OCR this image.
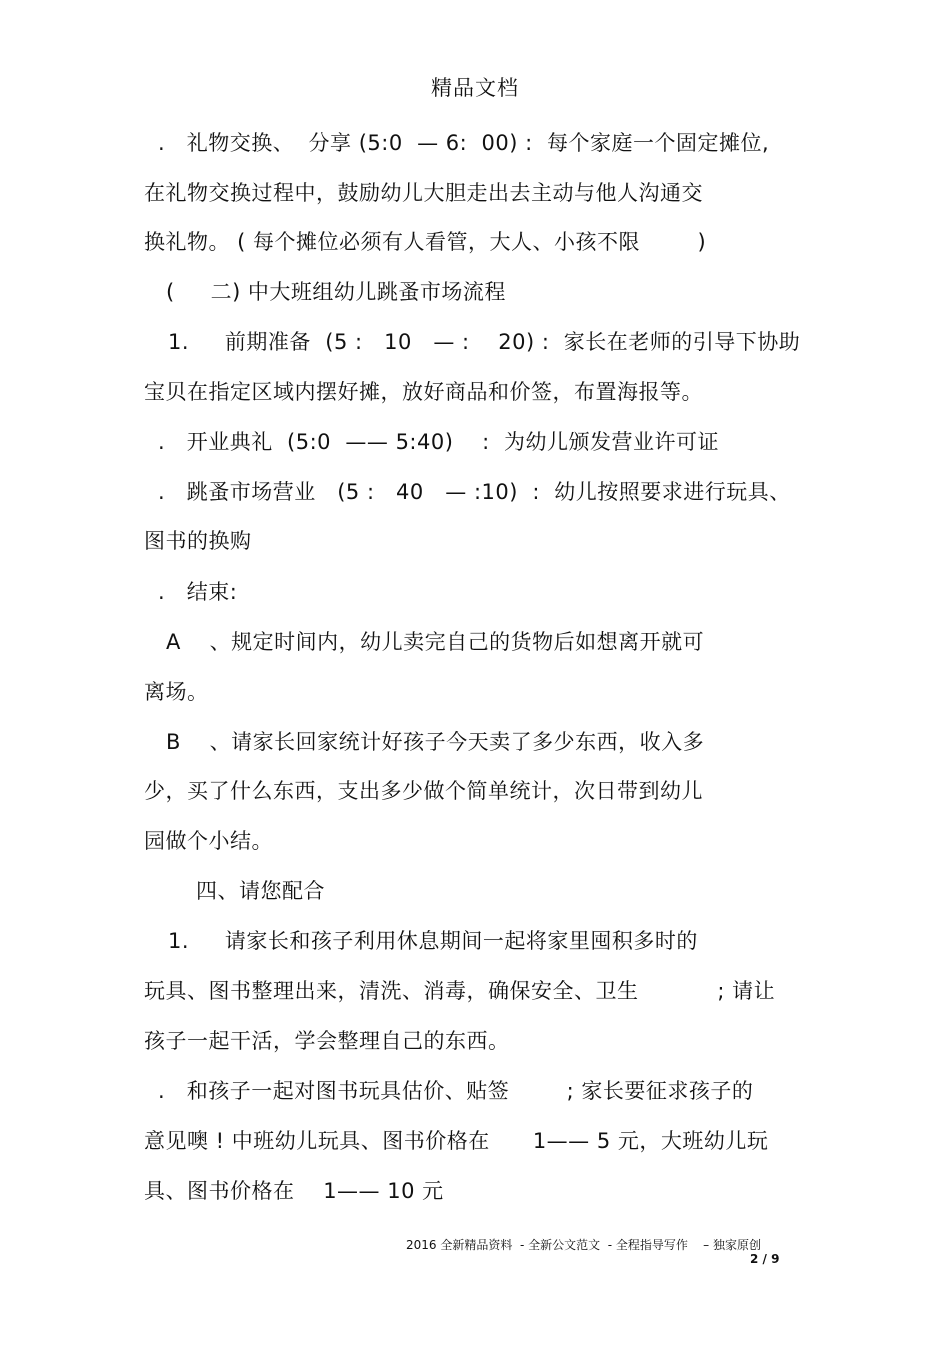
精品文档
.   礼物交换、  分享 (5:0  — 6:  00) :  每个家庭一个固定摊位,
在礼物交换过程中，鼓励幼儿大胆走出去主动与他人沟通交
换礼物。 ( 每个摊位必须有人看管，大人、小孩不限        )
(     二) 中大班组幼儿跳蚤市场流程
1.     前期准备  (5 :   10   — :    20) :  家长在老师的引导下协助
宝贝在指定区域内摆好摊，放好商品和价签，布置海报等。
.   开业典礼  (5:0  —— 5:40)    :  为幼儿颁发营业许可证
.   跳蚤市场营业   (5 :   40   — :10)  :  幼儿按照要求进行玩具、
图书的换购
.   结束:
A    、规定时间内，幼儿卖完自己的货物后如想离开就可
离场。
B    、请家长回家统计好孩子今天卖了多少东西，收入多
少，买了什么东西，支出多少做个简单统计，次日带到幼儿
园做个小结。
四、请您配合
1.     请家长和孩子利用休息期间一起将家里囤积多时的
玩具、图书整理出来，清洗、消毒，确保安全、卫生           ; 请让
孩子一起干活，学会整理自己的东西。
.   和孩子一起对图书玩具估价、贴签        ; 家长要征求孩子的
意见噢 ! 中班幼儿玩具、图书价格在      1—— 5 元，大班幼儿玩
具、图书价格在    1—— 10 元
2016 全新精品资料  - 全新公文范文  - 全程指导写作    – 独家原创
2 / 9
